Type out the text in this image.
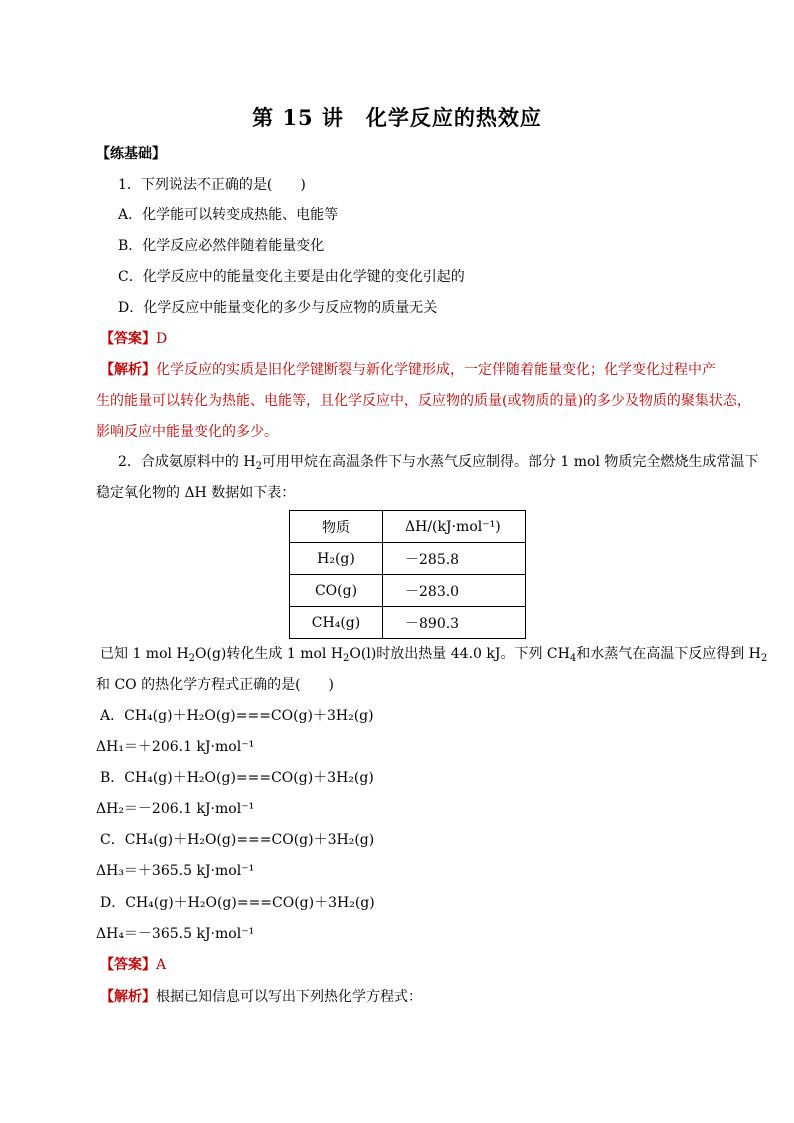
第 15 讲　化学反应的热效应
【练基础】
1．下列说法不正确的是(　　)
A．化学能可以转变成热能、电能等
B．化学反应必然伴随着能量变化
C．化学反应中的能量变化主要是由化学键的变化引起的
D．化学反应中能量变化的多少与反应物的质量无关
【答案】D
【解析】化学反应的实质是旧化学键断裂与新化学键形成，一定伴随着能量变化；化学变化过程中产
生的能量可以转化为热能、电能等，且化学反应中，反应物的质量(或物质的量)的多少及物质的聚集状态，
影响反应中能量变化的多少。
2．合成氨原料中的 $H_2$可用甲烷在高温条件下与水蒸气反应制得。部分 1 mol 物质完全燃烧生成常温下
稳定氧化物的 ΔH 数据如下表：
物质	ΔH/(kJ·mol⁻¹)
H₂(g)	－285.8
CO(g)	－283.0
CH₄(g)	－890.3
已知 1 mol $H_2O(g)$转化生成 1 mol $H_2O(l)$时放出热量 44.0 kJ。下列 $CH_4$和水蒸气在高温下反应得到 $H_2$
和 CO 的热化学方程式正确的是(　　)
A．CH₄(g)＋H₂O(g)===CO(g)＋3H₂(g)
ΔH₁＝＋206.1 kJ·mol⁻¹
B．CH₄(g)＋H₂O(g)===CO(g)＋3H₂(g)
ΔH₂＝－206.1 kJ·mol⁻¹
C．CH₄(g)＋H₂O(g)===CO(g)＋3H₂(g)
ΔH₃＝＋365.5 kJ·mol⁻¹
D．CH₄(g)＋H₂O(g)===CO(g)＋3H₂(g)
ΔH₄＝－365.5 kJ·mol⁻¹
【答案】A
【解析】根据已知信息可以写出下列热化学方程式：
